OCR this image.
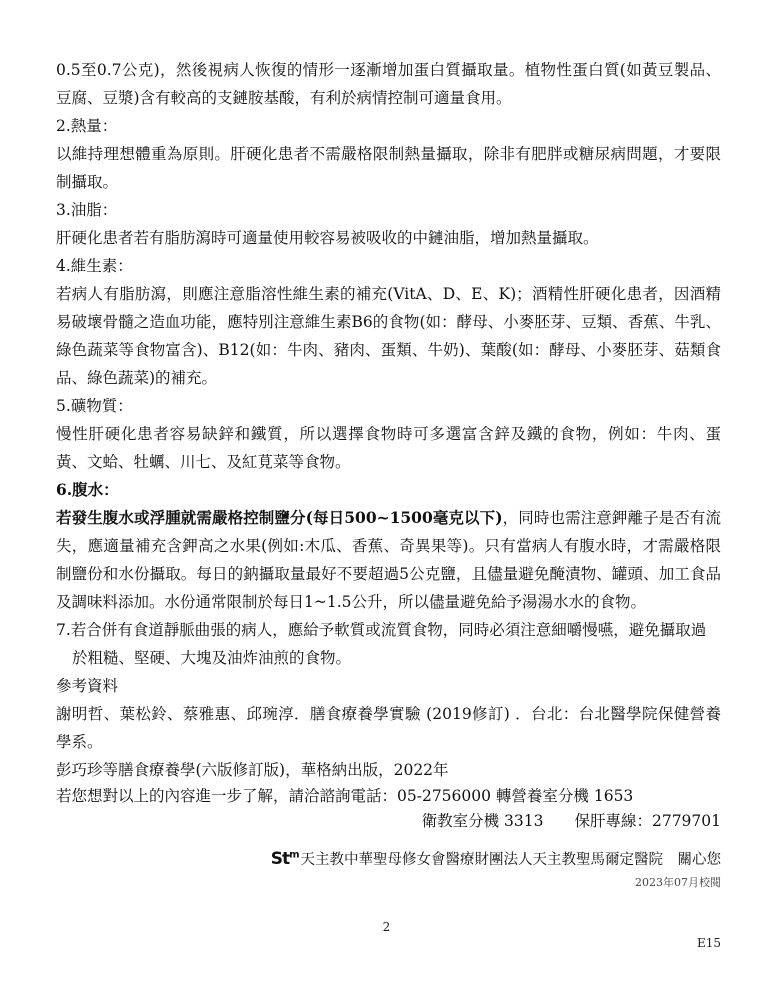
0.5至0.7公克)，然後視病人恢復的情形一逐漸增加蛋白質攝取量。植物性蛋白質(如黃豆製品、豆腐、豆漿)含有較高的支鏈胺基酸，有利於病情控制可適量食用。

2.熱量：

以維持理想體重為原則。肝硬化患者不需嚴格限制熱量攝取，除非有肥胖或糖尿病問題，才要限制攝取。

3.油脂：

肝硬化患者若有脂肪瀉時可適量使用較容易被吸收的中鏈油脂，增加熱量攝取。

4.維生素：

若病人有脂肪瀉，則應注意脂溶性維生素的補充(VitA、D、E、K)；酒精性肝硬化患者，因酒精易破壞骨髓之造血功能，應特別注意維生素B6的食物(如：酵母、小麥胚芽、豆類、香蕉、牛乳、綠色蔬菜等食物富含)、B12(如：牛肉、豬肉、蛋類、牛奶)、葉酸(如：酵母、小麥胚芽、菇類食品、綠色蔬菜)的補充。

5.礦物質：

慢性肝硬化患者容易缺鋅和鐵質，所以選擇食物時可多選富含鋅及鐵的食物，例如：牛肉、蛋黃、文蛤、牡蠣、川七、及紅莧菜等食物。

6.腹水：

若發生腹水或浮腫就需嚴格控制鹽分(每日500~1500毫克以下)，同時也需注意鉀離子是否有流失，應適量補充含鉀高之水果(例如:木瓜、香蕉、奇異果等)。只有當病人有腹水時，才需嚴格限制鹽份和水份攝取。每日的鈉攝取量最好不要超過5公克鹽，且儘量避免醃漬物、罐頭、加工食品及調味料添加。水份通常限制於每日1~1.5公升，所以儘量避免給予湯湯水水的食物。

7.若合併有食道靜脈曲張的病人，應給予軟質或流質食物，同時必須注意細嚼慢嚥，避免攝取過於粗糙、堅硬、大塊及油炸油煎的食物。

參考資料

謝明哲、葉松鈴、蔡雅惠、邱琬淳．膳食療養學實驗 (2019修訂) ．台北：台北醫學院保健營養學系。

彭巧珍等膳食療養學(六版修訂版)，華格納出版，2022年

若您想對以上的內容進一步了解，請洽諮詢電話：05-2756000 轉營養室分機 1653

衛教室分機 3313　　保肝專線：2779701

St$^m$ 天主教中華聖母修女會醫療財團法人天主教聖馬爾定醫院　關心您
2023年07月校閱
2
E15
